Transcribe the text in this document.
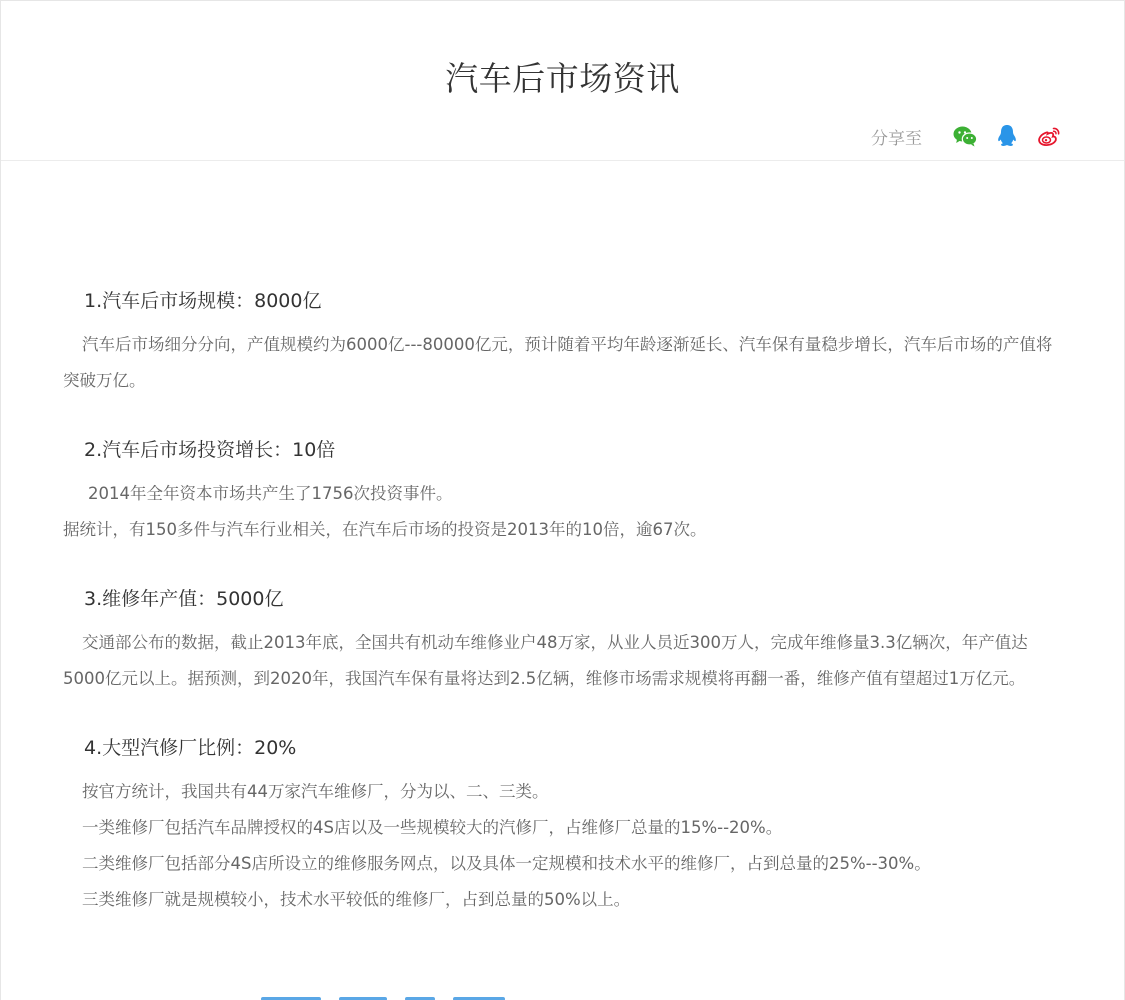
汽车后市场资讯
分享至
1.汽车后市场规模：8000亿

汽车后市场细分分向，产值规模约为6000亿---80000亿元，预计随着平均年龄逐渐延长、汽车保有量稳步增长，汽车后市场的产值将突破万亿。

2.汽车后市场投资增长：10倍

2014年全年资本市场共产生了1756次投资事件。

据统计，有150多件与汽车行业相关，在汽车后市场的投资是2013年的10倍，逾67次。

3.维修年产值：5000亿

交通部公布的数据，截止2013年底，全国共有机动车维修业户48万家，从业人员近300万人，完成年维修量3.3亿辆次，年产值达5000亿元以上。据预测，到2020年，我国汽车保有量将达到2.5亿辆，维修市场需求规模将再翻一番，维修产值有望超过1万亿元。

4.大型汽修厂比例：20%

按官方统计，我国共有44万家汽车维修厂，分为以、二、三类。

一类维修厂包括汽车品牌授权的4S店以及一些规模较大的汽修厂，占维修厂总量的15%--20%。

二类维修厂包括部分4S店所设立的维修服务网点，以及具体一定规模和技术水平的维修厂，占到总量的25%--30%。

三类维修厂就是规模较小，技术水平较低的维修厂，占到总量的50%以上。
